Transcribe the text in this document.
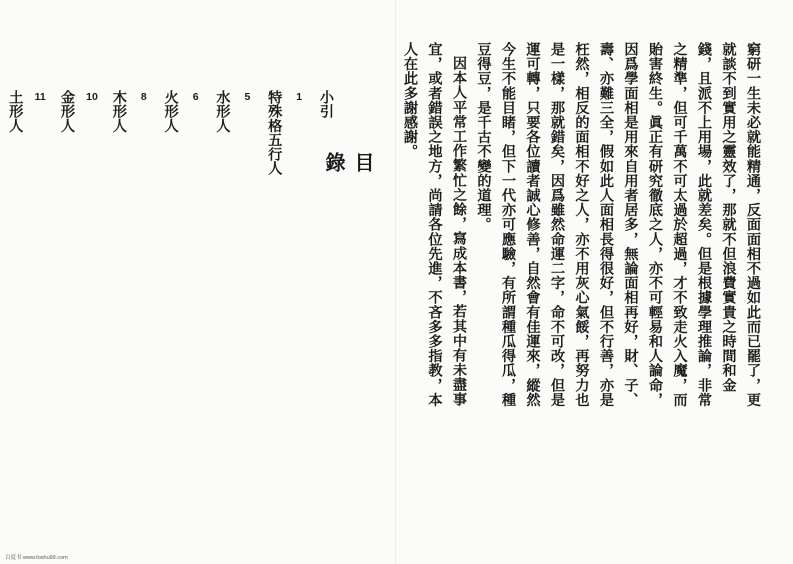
目
錄
小引
1
特殊格五行人
5
水形人
6
火形人
8
木形人
10
金形人
11
土形人
百度书 www.foshu99.com

窮研一生未必就能精通，反面面相不過如此而已罷了，更就談不到實用之靈效了，那就不但浪費實貴之時間和金錢，且派不上用場，此就差矣。但是根據學理推論，非常之精準，但可千萬不可太過於超過，才不致走火入魔，而貽害終生。眞正有研究徹底之人，亦不可輕易和人論命，因爲學面相是用來自用者居多，無論面相再好，財、子、壽、亦難三全，假如此人面相長得很好，但不行善，亦是枉然，相反的面相不好之人，亦不用灰心氣餒，再努力也是一樣，那就錯矣，因爲雖然命運二字，命不可改，但是運可轉，只要各位讀者誠心修善，自然會有佳運來，縱然今生不能目睹，但下一代亦可應驗，有所謂種瓜得瓜，種豆得豆，是千古不變的道理。

因本人平常工作繁忙之餘，寫成本書，若其中有未盡事宜，或者錯誤之地方，尚請各位先進，不吝多多指教，本人在此多謝感謝。
